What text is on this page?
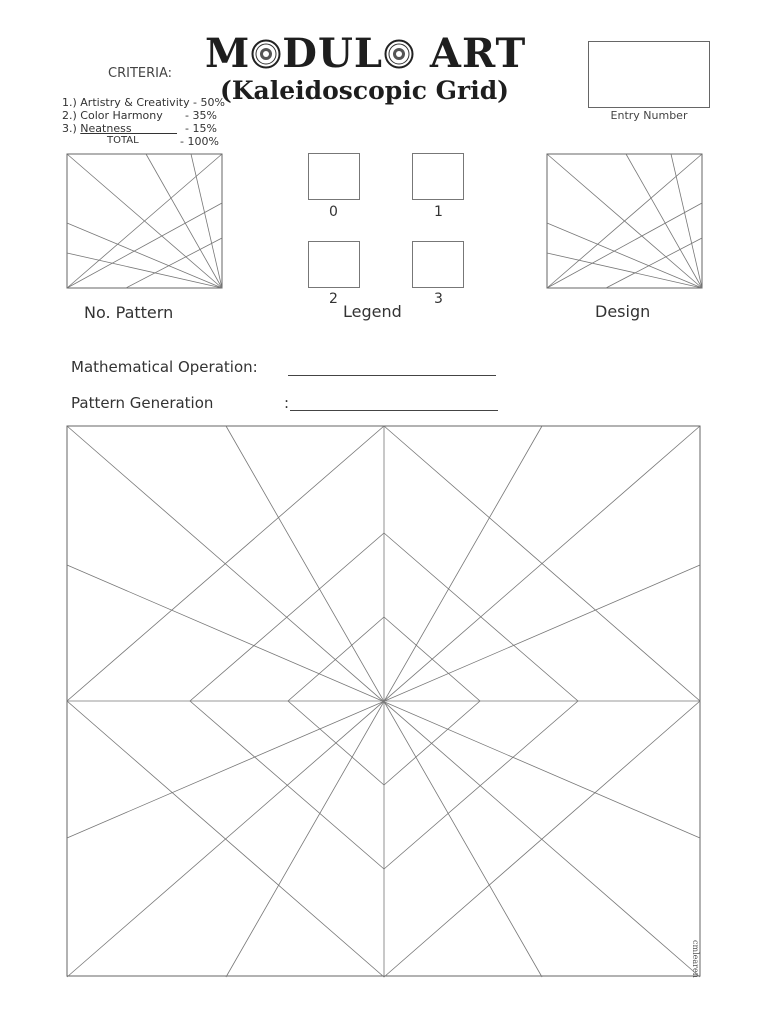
M DUL ART
(Kaleidoscopic Grid)
CRITERIA:
1.) Artistry & Creativity - 50%
2.) Color Harmony - 35%
3.) Neatness - 15%
TOTAL	- 100%
Entry Number
No. Pattern
0	1
2	3
Legend	Design
Mathematical Operation:
Pattern Generation	:
cmlearen
